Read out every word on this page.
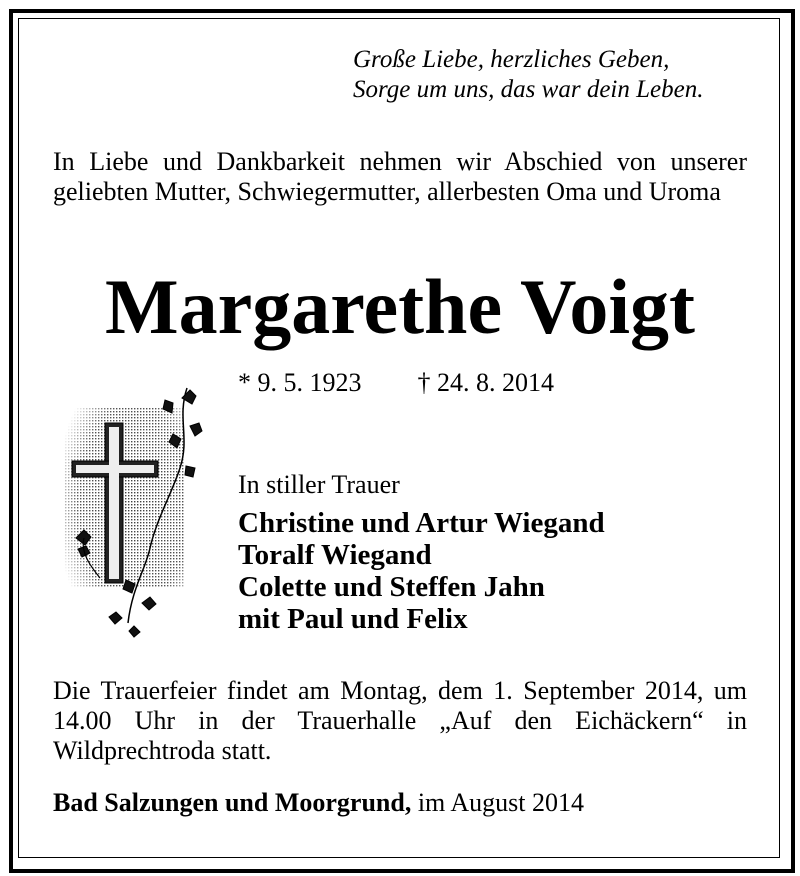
Große Liebe, herzliches Geben,
Sorge um uns, das war dein Leben.
In Liebe und Dankbarkeit nehmen wir Abschied von unserer geliebten Mutter, Schwiegermutter, allerbesten Oma und Uroma
Margarethe Voigt
* 9. 5. 1923 † 24. 8. 2014
In stiller Trauer
Christine und Artur Wiegand
Toralf Wiegand
Colette und Steffen Jahn
mit Paul und Felix
Die Trauerfeier findet am Montag, dem 1. September 2014, um 14.00 Uhr in der Trauerhalle „Auf den Eichäckern“ in Wildprechtroda statt.
Bad Salzungen und Moorgrund, im August 2014
